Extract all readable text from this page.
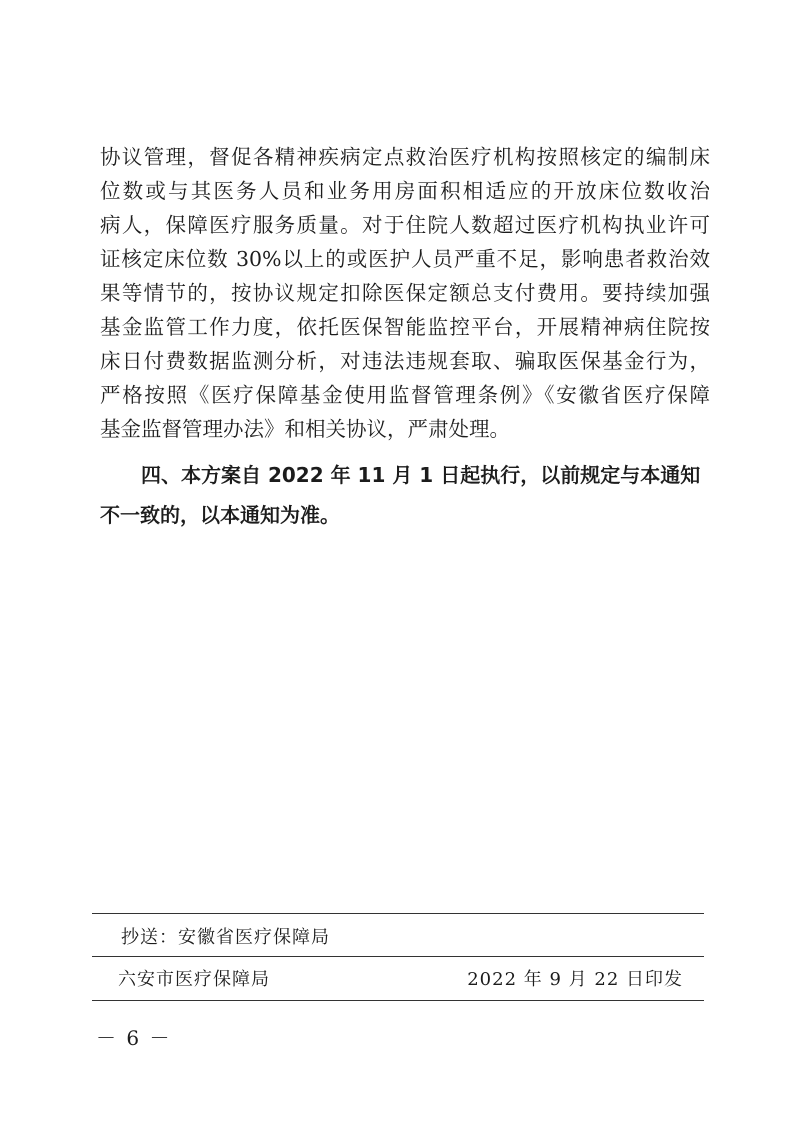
协议管理，督促各精神疾病定点救治医疗机构按照核定的编制床
位数或与其医务人员和业务用房面积相适应的开放床位数收治
病人，保障医疗服务质量。对于住院人数超过医疗机构执业许可
证核定床位数 30%以上的或医护人员严重不足，影响患者救治效
果等情节的，按协议规定扣除医保定额总支付费用。要持续加强
基金监管工作力度，依托医保智能监控平台，开展精神病住院按
床日付费数据监测分析，对违法违规套取、骗取医保基金行为，
严格按照《医疗保障基金使用监督管理条例》《安徽省医疗保障
基金监督管理办法》和相关协议，严肃处理。
四、本方案自 2022 年 11 月 1 日起执行，以前规定与本通知
不一致的，以本通知为准。
抄送：安徽省医疗保障局
六安市医疗保障局	2022 年 9 月 22 日印发
－ 6 －
